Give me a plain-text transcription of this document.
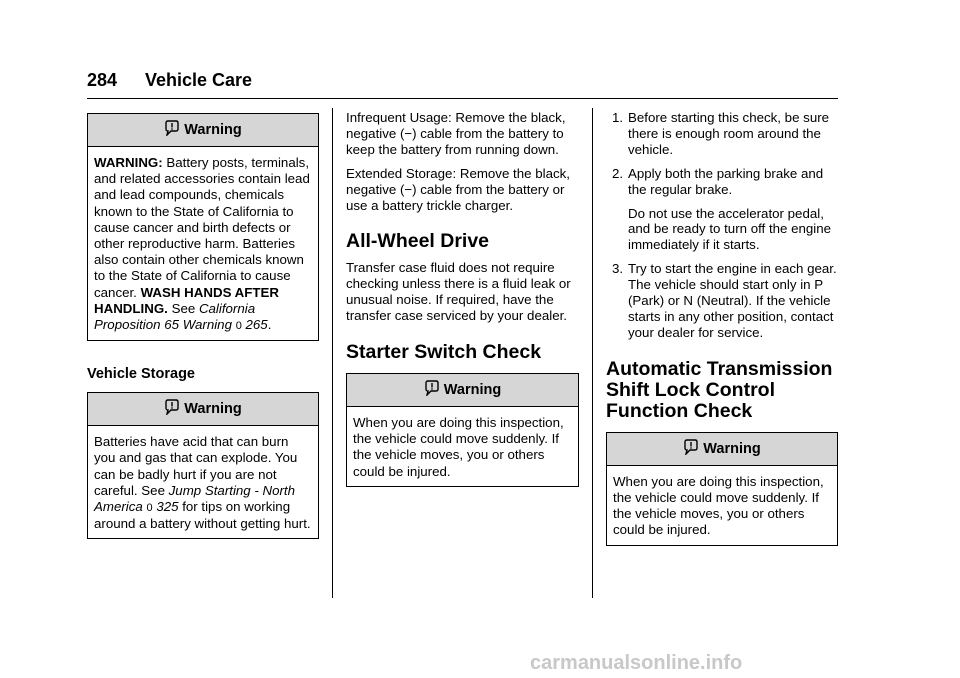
284 Vehicle Care
Warning
WARNING: Battery posts, terminals, and related accessories contain lead and lead compounds, chemicals known to the State of California to cause cancer and birth defects or other reproductive harm. Batteries also contain other chemicals known to the State of California to cause cancer. WASH HANDS AFTER HANDLING. See California Proposition 65 Warning 0 265.

Vehicle Storage

Warning
Batteries have acid that can burn you and gas that can explode. You can be badly hurt if you are not careful. See Jump Starting - North America 0 325 for tips on working around a battery without getting hurt.

Infrequent Usage: Remove the black, negative (−) cable from the battery to keep the battery from running down.

Extended Storage: Remove the black, negative (−) cable from the battery or use a battery trickle charger.

All-Wheel Drive

Transfer case fluid does not require checking unless there is a fluid leak or unusual noise. If required, have the transfer case serviced by your dealer.

Starter Switch Check

Warning
When you are doing this inspection, the vehicle could move suddenly. If the vehicle moves, you or others could be injured.
1. Before starting this check, be sure there is enough room around the vehicle.
2. Apply both the parking brake and the regular brake.
Do not use the accelerator pedal, and be ready to turn off the engine immediately if it starts.
3. Try to start the engine in each gear. The vehicle should start only in P (Park) or N (Neutral). If the vehicle starts in any other position, contact your dealer for service.

Automatic Transmission Shift Lock Control Function Check

Warning
When you are doing this inspection, the vehicle could move suddenly. If the vehicle moves, you or others could be injured.
carmanualsonline.info
